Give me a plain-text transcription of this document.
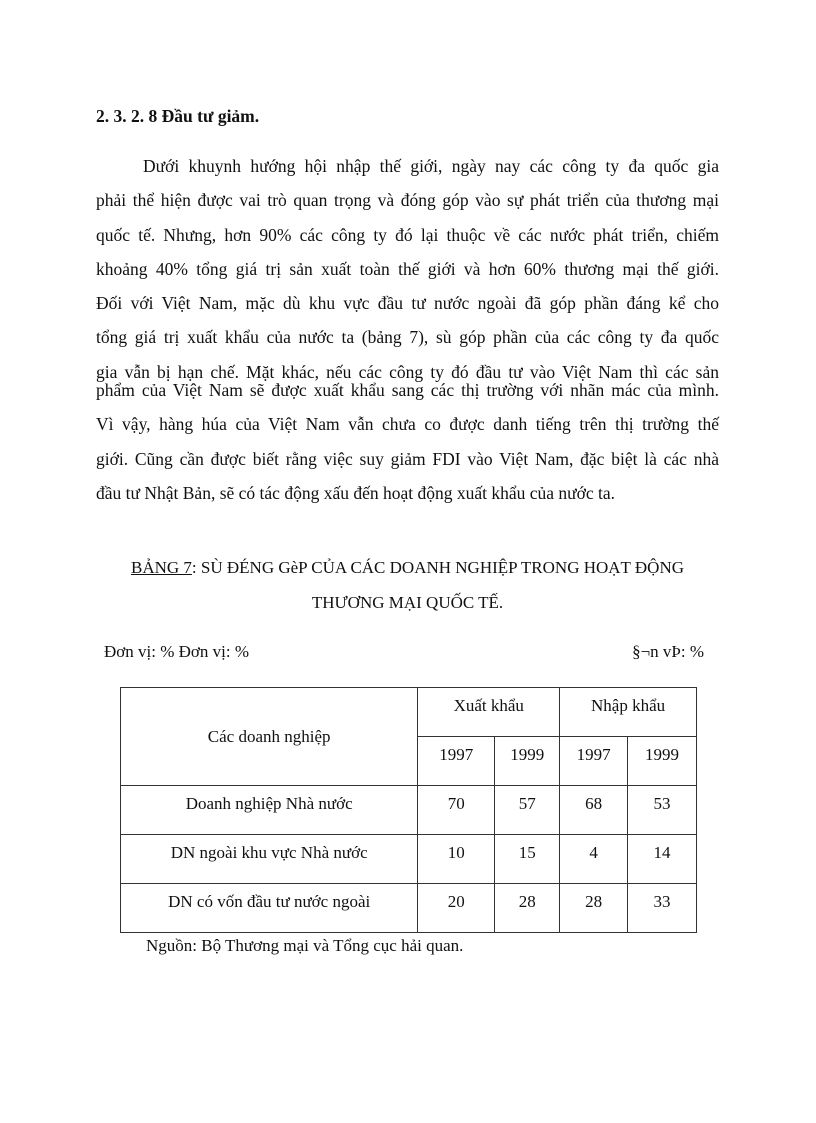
2. 3. 2. 8 Đầu tư giảm.
Dưới khuynh hướng hội nhập thế giới, ngày nay các công ty đa quốc gia
phải thể hiện được vai trò quan trọng và đóng góp vào sự phát triển của thương mại
quốc tế. Nhưng, hơn 90% các công ty đó lại thuộc về các nước phát triển, chiếm
khoảng 40% tổng giá trị sản xuất toàn thế giới và hơn 60% thương mại thế giới.
Đối với Việt Nam, mặc dù khu vực đầu tư nước ngoài đã góp phần đáng kể cho
tổng giá trị xuất khẩu của nước ta (bảng 7), sù góp phần của các công ty đa quốc
gia vẫn bị hạn chế. Mặt khác, nếu các công ty đó đầu tư vào Việt Nam thì các sản
phẩm của Việt Nam sẽ được xuất khẩu sang các thị trường với nhãn mác của mình.
Vì vậy, hàng húa của Việt Nam vẫn chưa co được danh tiếng trên thị trường thế
giới. Cũng cần được biết rằng việc suy giảm FDI vào Việt Nam, đặc biệt là các nhà
đầu tư Nhật Bản, sẽ có tác động xấu đến hoạt động xuất khẩu của nước ta.
BẢNG 7: SÙ ĐÉNG GèP CỦA CÁC DOANH NGHIỆP TRONG HOẠT ĐỘNG
THƯƠNG MẠI QUỐC TẾ.
Đơn vị: % Đơn vị: %	§¬n vÞ: %
Các doanh nghiệp	Xuất khẩu		Nhập khẩu	
	1997	1999	1997	1999
Doanh nghiệp Nhà nước	70	57	68	53
DN ngoài khu vực Nhà nước	10	15	4	14
DN có vốn đầu tư nước ngoài	20	28	28	33
Nguồn: Bộ Thương mại và Tổng cục hải quan.
